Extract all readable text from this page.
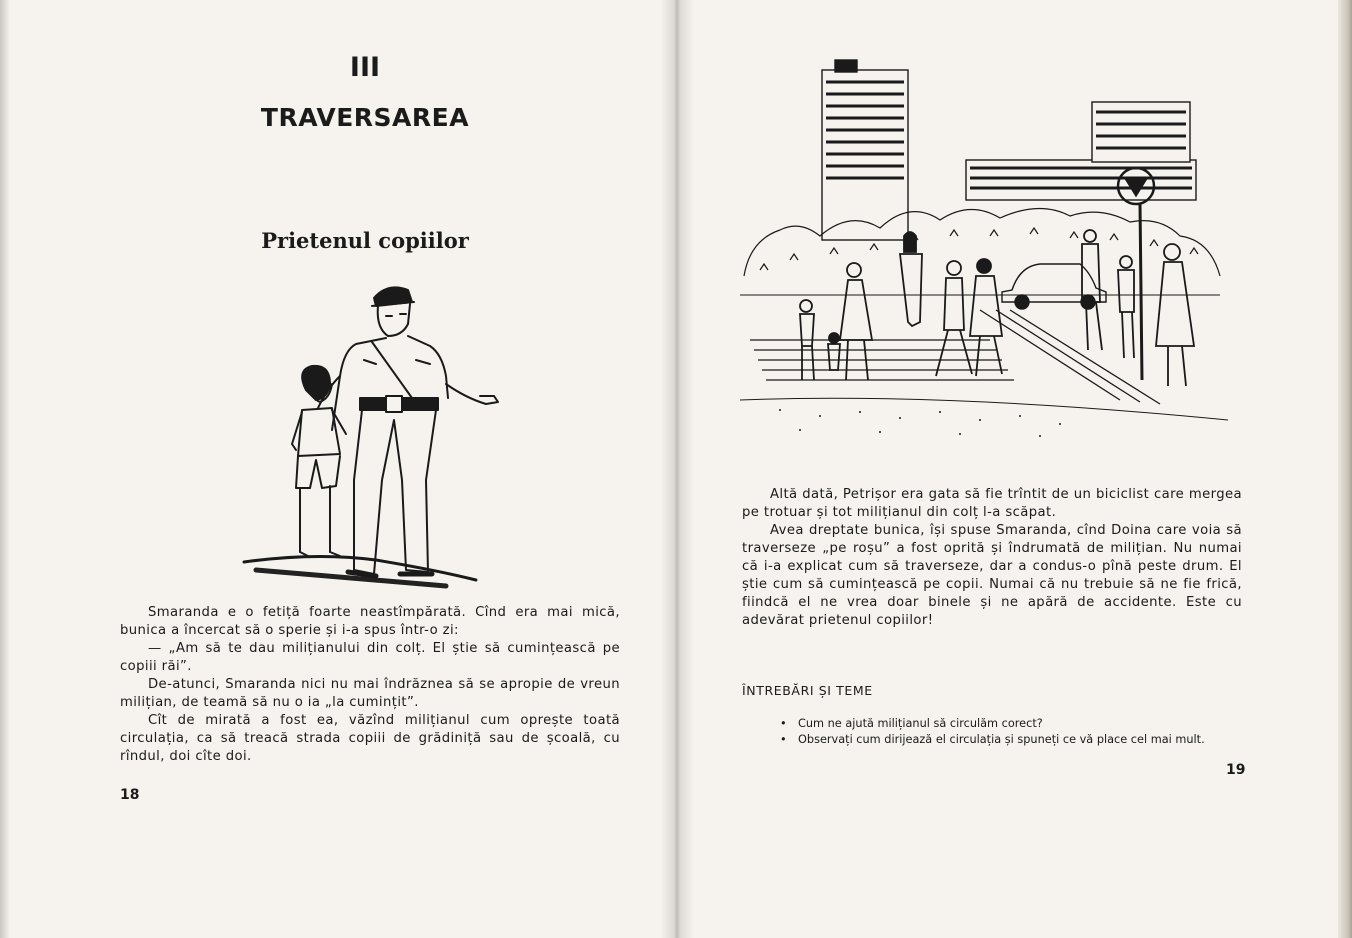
III
TRAVERSAREA
Prietenul copiilor

Smaranda e o fetiță foarte neastîmpărată. Cînd era mai mică, bunica a încercat să o sperie și i-a spus într-o zi:

— „Am să te dau milițianului din colț. El știe să cumințească pe copiii răi”.

De-atunci, Smaranda nici nu mai îndrăznea să se apropie de vreun milițian, de teamă să nu o ia „la cumințit”.

Cît de mirată a fost ea, văzînd milițianul cum oprește toată circulația, ca să treacă strada copiii de grădiniță sau de școală, cu rîndul, doi cîte doi.

18

Altă dată, Petrișor era gata să fie trîntit de un biciclist care mergea pe trotuar și tot milițianul din colț l-a scăpat.

Avea dreptate bunica, își spuse Smaranda, cînd Doina care voia să traverseze „pe roșu” a fost oprită și îndrumată de milițian. Nu numai că i-a explicat cum să traverseze, dar a condus-o pînă peste drum. El știe cum să cumințească pe copii. Numai că nu trebuie să ne fie frică, fiindcă el ne vrea doar binele și ne apără de accidente. Este cu adevărat prietenul copiilor!

ÎNTREBĂRI ȘI TEME
• Cum ne ajută milițianul să circulăm corect?
• Observați cum dirijează el circulația și spuneți ce vă place cel mai mult.
19
